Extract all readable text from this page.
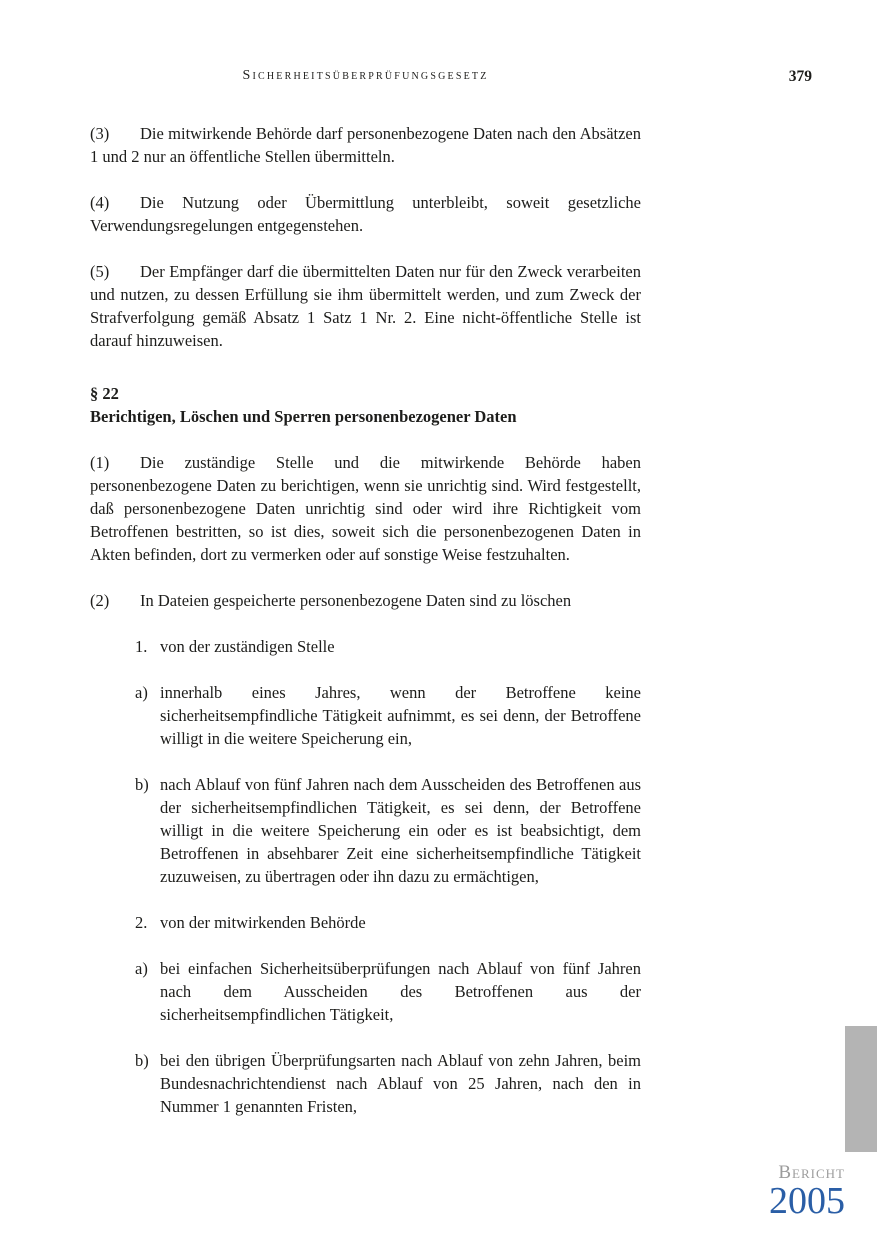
Sicherheitsüberprüfungsgesetz	379

(3) Die mitwirkende Behörde darf personenbezogene Daten nach den Absätzen 1 und 2 nur an öffentliche Stellen übermitteln.

(4) Die Nutzung oder Übermittlung unterbleibt, soweit gesetzliche Verwendungsregelungen entgegenstehen.

(5) Der Empfänger darf die übermittelten Daten nur für den Zweck verarbeiten und nutzen, zu dessen Erfüllung sie ihm übermittelt werden, und zum Zweck der Strafverfolgung gemäß Absatz 1 Satz 1 Nr. 2. Eine nicht-öffentliche Stelle ist darauf hinzuweisen.

§ 22
Berichtigen, Löschen und Sperren personenbezogener Daten

(1) Die zuständige Stelle und die mitwirkende Behörde haben personenbezogene Daten zu berichtigen, wenn sie unrichtig sind. Wird festgestellt, daß personenbezogene Daten unrichtig sind oder wird ihre Richtigkeit vom Betroffenen bestritten, so ist dies, soweit sich die personenbezogenen Daten in Akten befinden, dort zu vermerken oder auf sonstige Weise festzuhalten.

(2) In Dateien gespeicherte personenbezogene Daten sind zu löschen

1. von der zuständigen Stelle
a) innerhalb eines Jahres, wenn der Betroffene keine sicherheitsempfindliche Tätigkeit aufnimmt, es sei denn, der Betroffene willigt in die weitere Speicherung ein,
b) nach Ablauf von fünf Jahren nach dem Ausscheiden des Betroffenen aus der sicherheitsempfindlichen Tätigkeit, es sei denn, der Betroffene willigt in die weitere Speicherung ein oder es ist beabsichtigt, dem Betroffenen in absehbarer Zeit eine sicherheitsempfindliche Tätigkeit zuzuweisen, zu übertragen oder ihn dazu zu ermächtigen,
2. von der mitwirkenden Behörde
a) bei einfachen Sicherheitsüberprüfungen nach Ablauf von fünf Jahren nach dem Ausscheiden des Betroffenen aus der sicherheitsempfindlichen Tätigkeit,
b) bei den übrigen Überprüfungsarten nach Ablauf von zehn Jahren, beim Bundesnachrichtendienst nach Ablauf von 25 Jahren, nach den in Nummer 1 genannten Fristen,
Bericht
2005
